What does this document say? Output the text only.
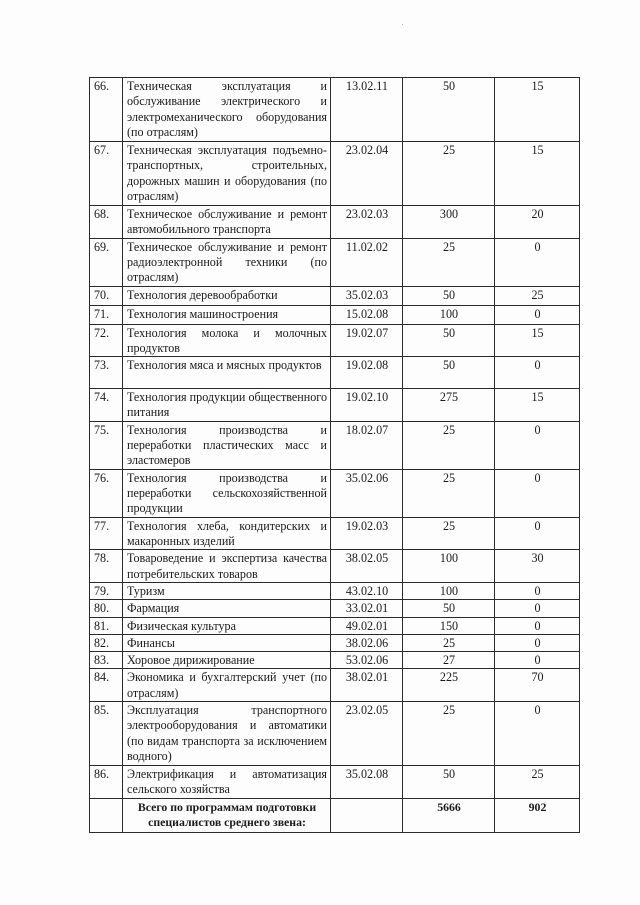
66.	Техническая эксплуатация и обслуживание электрического и электромеханического оборудования (по отраслям)	13.02.11	50	15
67.	Техническая эксплуатация подъемно-транспортных, строительных, дорожных машин и оборудования (по отраслям)	23.02.04	25	15
68.	Техническое обслуживание и ремонт автомобильного транспорта	23.02.03	300	20
69.	Техническое обслуживание и ремонт радиоэлектронной техники (по отраслям)	11.02.02	25	0
70.	Технология деревообработки	35.02.03	50	25
71.	Технология машиностроения	15.02.08	100	0
72.	Технология молока и молочных продуктов	19.02.07	50	15
73.	Технология мяса и мясных продуктов	19.02.08	50	0
74.	Технология продукции общественного питания	19.02.10	275	15
75.	Технология производства и переработки пластических масс и эластомеров	18.02.07	25	0
76.	Технология производства и переработки сельскохозяйственной продукции	35.02.06	25	0
77.	Технология хлеба, кондитерских и макаронных изделий	19.02.03	25	0
78.	Товароведение и экспертиза качества потребительских товаров	38.02.05	100	30
79.	Туризм	43.02.10	100	0
80.	Фармация	33.02.01	50	0
81.	Физическая культура	49.02.01	150	0
82.	Финансы	38.02.06	25	0
83.	Хоровое дирижирование	53.02.06	27	0
84.	Экономика и бухгалтерский учет (по отраслям)	38.02.01	225	70
85.	Эксплуатация транспортного электрооборудования и автоматики (по видам транспорта за исключением водного)	23.02.05	25	0
86.	Электрификация и автоматизация сельского хозяйства	35.02.08	50	25
	Всего по программам подготовки специалистов среднего звена:		5666	902
